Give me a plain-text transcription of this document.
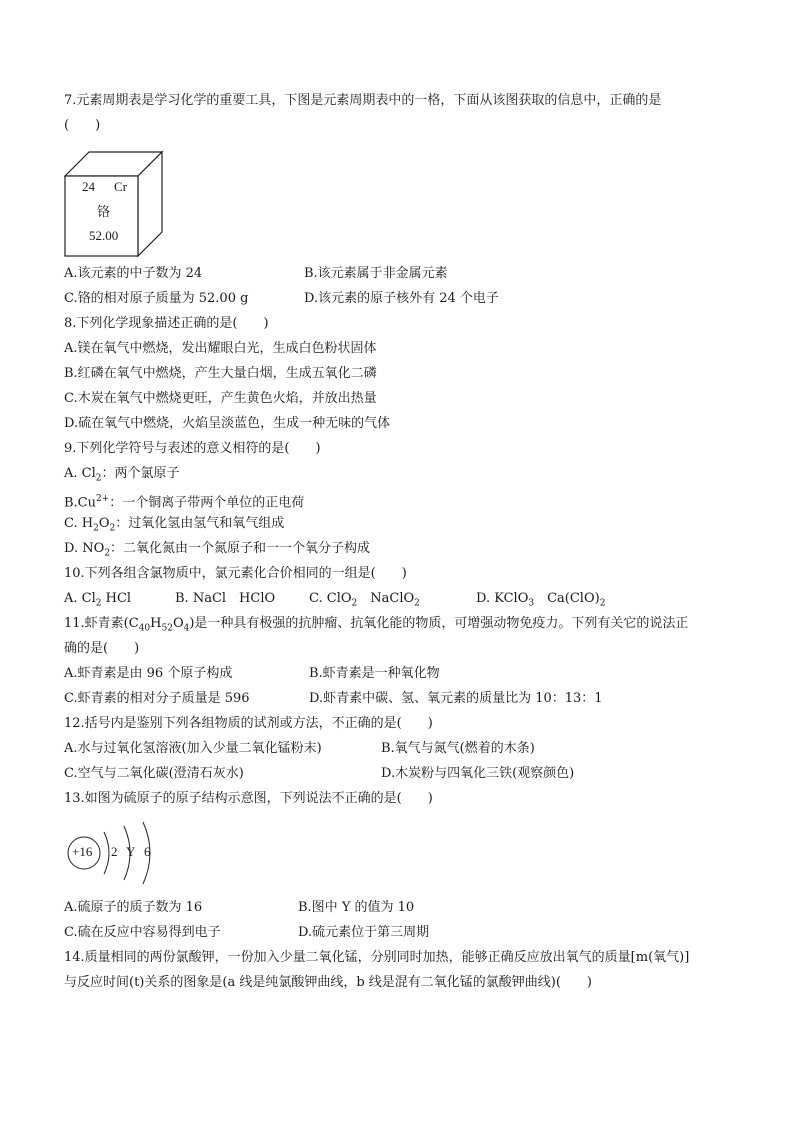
7.元素周期表是学习化学的重要工具，下图是元素周期表中的一格，下面从该图获取的信息中，正确的是
(　　)
24 Cr
铬
52.00
A.该元素的中子数为 24	B.该元素属于非金属元素
C.铬的相对原子质量为 52.00 g	D.该元素的原子核外有 24 个电子
8.下列化学现象描述正确的是(　　)
A.镁在氧气中燃烧，发出耀眼白光，生成白色粉状固体
B.红磷在氧气中燃烧，产生大量白烟，生成五氧化二磷
C.木炭在氧气中燃烧更旺，产生黄色火焰，并放出热量
D.硫在氧气中燃烧，火焰呈淡蓝色，生成一种无味的气体
9.下列化学符号与表述的意义相符的是(　　)
A. $Cl_2$：两个氯原子
$B.Cu^{2+}$：一个铜离子带两个单位的正电荷
C. $H_2O_2$：过氧化氢由氢气和氧气组成
D. $NO_2$：二氧化氮由一个氮原子和一一个氧分子构成
10.下列各组含氯物质中，氯元素化合价相同的一组是(　　)
A. $Cl_2$ HCl	B. NaCl　HClO	C. ClO$_2$　NaClO$_2$	D. KClO$_3$　$Ca(ClO)_2$
11.虾青素$(C_{40}H_{52}O_4)$是一种具有极强的抗肿瘤、抗氧化能的物质，可增强动物免疫力。下列有关它的说法正
确的是(　　)
A.虾青素是由 96 个原子构成	B.虾青素是一种氧化物
C.虾青素的相对分子质量是 596	D.虾青素中碳、氢、氧元素的质量比为 10：13：1
12.括号内是鉴别下列各组物质的试剂或方法，不正确的是(　　)
A.水与过氧化氢溶液(加入少量二氧化锰粉末)	B.氧气与氮气(燃着的木条)
C.空气与二氧化碳(澄清石灰水)	D.木炭粉与四氧化三铁(观察颜色)
13.如图为硫原子的原子结构示意图，下列说法不正确的是(　　)
+16 2 Y 6
A.硫原子的质子数为 16	B.图中 Y 的值为 10
C.硫在反应中容易得到电子	D.硫元素位于第三周期
14.质量相同的两份氯酸钾，一份加入少量二氧化锰，分别同时加热，能够正确反应放出氧气的质量[m(氧气)]
与反应时间(t)关系的图象是(a 线是纯氯酸钾曲线，b 线是混有二氧化锰的氯酸钾曲线)(　　)
